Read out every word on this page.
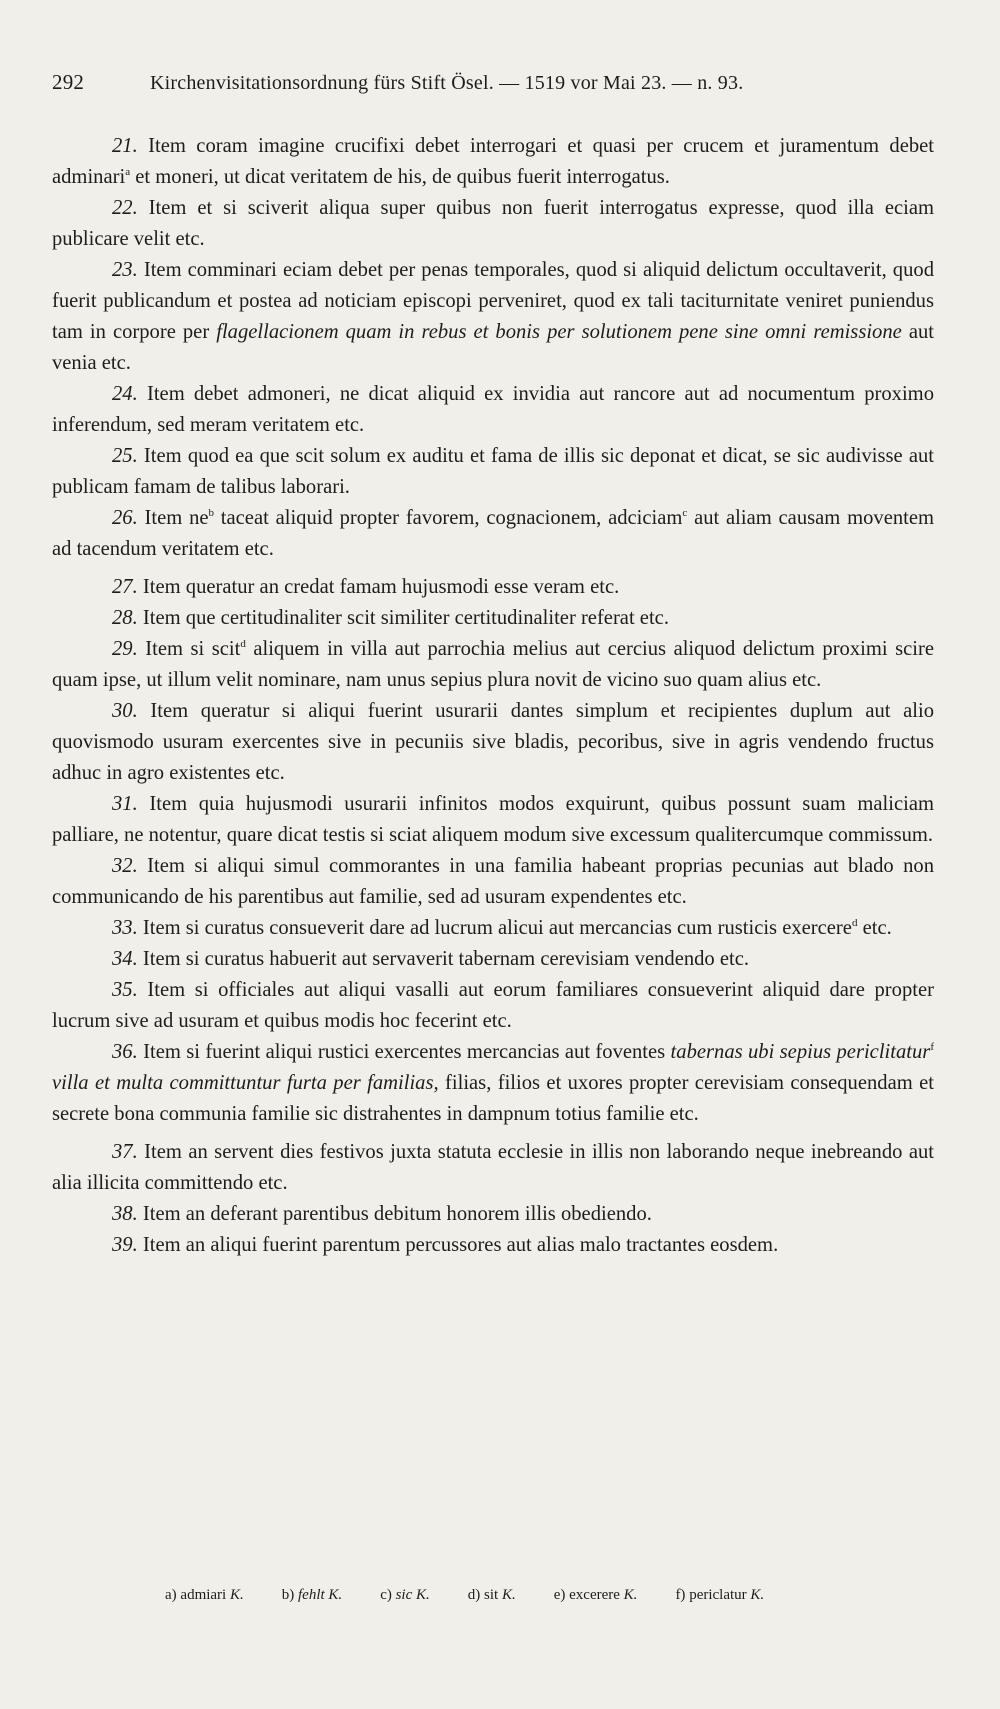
292	Kirchenvisitationsordnung fürs Stift Ösel. — 1519 vor Mai 23. — n. 93.

21. Item coram imagine crucifixi debet interrogari et quasi per crucem et juramentum debet adminari$^a$ et moneri, ut dicat veritatem de his, de quibus fuerit interrogatus.

22. Item et si sciverit aliqua super quibus non fuerit interrogatus expresse, quod illa eciam publicare velit etc.

23. Item comminari eciam debet per penas temporales, quod si aliquid delictum occultaverit, quod fuerit publicandum et postea ad noticiam episcopi perveniret, quod ex tali taciturnitate veniret puniendus tam in corpore per flagellacionem quam in rebus et bonis per solutionem pene sine omni remissione aut venia etc.

24. Item debet admoneri, ne dicat aliquid ex invidia aut rancore aut ad nocumentum proximo inferendum, sed meram veritatem etc.

25. Item quod ea que scit solum ex auditu et fama de illis sic deponat et dicat, se sic audivisse aut publicam famam de talibus laborari.

26. Item $ne^b$ taceat aliquid propter favorem, cognacionem, adciciam$^c$ aut aliam causam moventem ad tacendum veritatem etc.

27. Item queratur an credat famam hujusmodi esse veram etc.

28. Item que certitudinaliter scit similiter certitudinaliter referat etc.

29. Item si scit$^d$ aliquem in villa aut parrochia melius aut cercius aliquod delictum proximi scire quam ipse, ut illum velit nominare, nam unus sepius plura novit de vicino suo quam alius etc.

30. Item queratur si aliqui fuerint usurarii dantes simplum et recipientes duplum aut alio quovismodo usuram exercentes sive in pecuniis sive bladis, pecoribus, sive in agris vendendo fructus adhuc in agro existentes etc.

31. Item quia hujusmodi usurarii infinitos modos exquirunt, quibus possunt suam maliciam palliare, ne notentur, quare dicat testis si sciat aliquem modum sive excessum qualitercumque commissum.

32. Item si aliqui simul commorantes in una familia habeant proprias pecunias aut blado non communicando de his parentibus aut familie, sed ad usuram expendentes etc.

33. Item si curatus consueverit dare ad lucrum alicui aut mercancias cum rusticis exercere$^d$ etc.

34. Item si curatus habuerit aut servaverit tabernam cerevisiam vendendo etc.

35. Item si officiales aut aliqui vasalli aut eorum familiares consueverint aliquid dare propter lucrum sive ad usuram et quibus modis hoc fecerint etc.

36. Item si fuerint aliqui rustici exercentes mercancias aut foventes tabernas ubi sepius periclitatur$^f$ villa et multa committuntur furta per familias, filias, filios et uxores propter cerevisiam consequendam et secrete bona communia familie sic distrahentes in dampnum totius familie etc.

37. Item an servent dies festivos juxta statuta ecclesie in illis non laborando neque inebreando aut alia illicita committendo etc.

38. Item an deferant parentibus debitum honorem illis obediendo.

39. Item an aliqui fuerint parentum percussores aut alias malo tractantes eosdem.

a) admiari K.	b) fehlt K.	c) sic K.	d) sit K.	e) excerere K.	f) periclatur K.
